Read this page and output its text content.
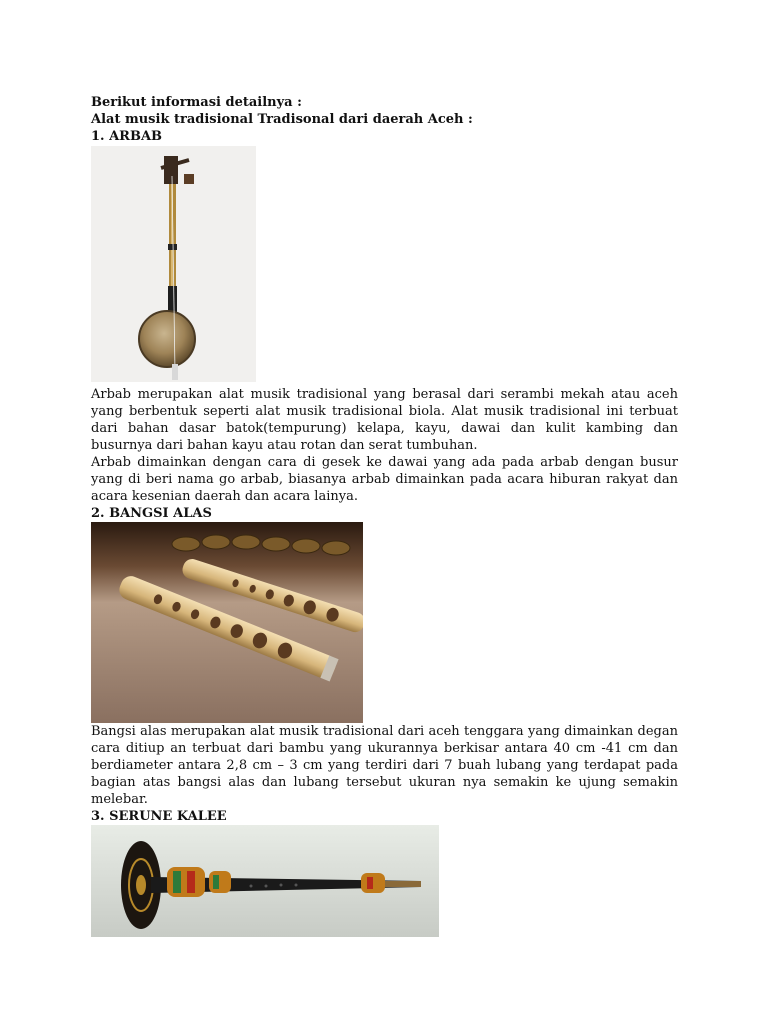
Berikut informasi detailnya :

Alat musik tradisional Tradisonal dari daerah Aceh :

1. ARBAB

Arbab merupakan alat musik tradisional yang berasal dari serambi mekah atau aceh yang berbentuk seperti alat musik tradisional biola. Alat musik tradisional ini terbuat dari bahan dasar batok(tempurung) kelapa, kayu, dawai dan kulit kambing dan busurnya dari bahan kayu atau rotan dan serat tumbuhan.

Arbab dimainkan dengan cara di gesek ke dawai yang ada pada arbab dengan busur yang di beri nama go arbab, biasanya arbab dimainkan pada acara hiburan rakyat dan acara kesenian daerah dan acara lainya.

2. BANGSI ALAS

Bangsi alas merupakan alat musik tradisional dari aceh tenggara yang dimainkan degan cara ditiup an terbuat dari bambu yang ukurannya berkisar antara 40 cm -41 cm dan berdiameter antara 2,8 cm – 3 cm yang terdiri dari 7 buah lubang yang terdapat pada bagian atas bangsi alas dan lubang tersebut ukuran nya semakin ke ujung semakin melebar.

3. SERUNE KALEE
